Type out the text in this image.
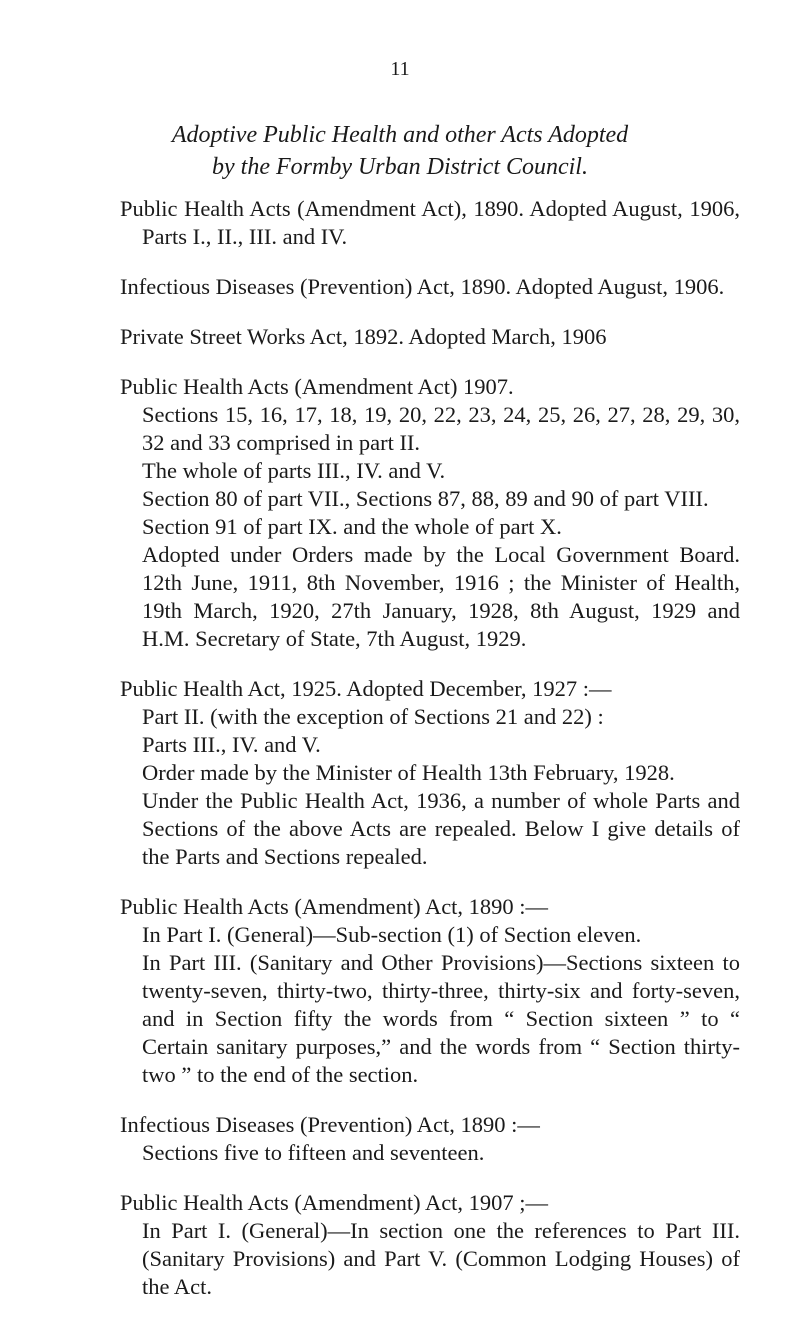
11
Adoptive Public Health and other Acts Adopted
by the Formby Urban District Council.

Public Health Acts (Amendment Act), 1890. Adopted August, 1906, Parts I., II., III. and IV.

Infectious Diseases (Prevention) Act, 1890. Adopted August, 1906.

Private Street Works Act, 1892. Adopted March, 1906

Public Health Acts (Amendment Act) 1907.

Sections 15, 16, 17, 18, 19, 20, 22, 23, 24, 25, 26, 27, 28, 29, 30, 32 and 33 comprised in part II.

The whole of parts III., IV. and V.

Section 80 of part VII., Sections 87, 88, 89 and 90 of part VIII.

Section 91 of part IX. and the whole of part X.

Adopted under Orders made by the Local Government Board. 12th June, 1911, 8th November, 1916 ; the Minister of Health, 19th March, 1920, 27th January, 1928, 8th August, 1929 and H.M. Secretary of State, 7th August, 1929.

Public Health Act, 1925. Adopted December, 1927 :—

Part II. (with the exception of Sections 21 and 22) :

Parts III., IV. and V.

Order made by the Minister of Health 13th February, 1928.

Under the Public Health Act, 1936, a number of whole Parts and Sections of the above Acts are repealed. Below I give details of the Parts and Sections repealed.

Public Health Acts (Amendment) Act, 1890 :—

In Part I. (General)—Sub-section (1) of Section eleven.

In Part III. (Sanitary and Other Provisions)—Sections sixteen to twenty-seven, thirty-two, thirty-three, thirty-six and forty-seven, and in Section fifty the words from “ Section sixteen ” to “ Certain sanitary purposes,” and the words from “ Section thirty-two ” to the end of the section.

Infectious Diseases (Prevention) Act, 1890 :—

Sections five to fifteen and seventeen.

Public Health Acts (Amendment) Act, 1907 ;—

In Part I. (General)—In section one the references to Part III. (Sanitary Provisions) and Part V. (Common Lodging Houses) of the Act.
